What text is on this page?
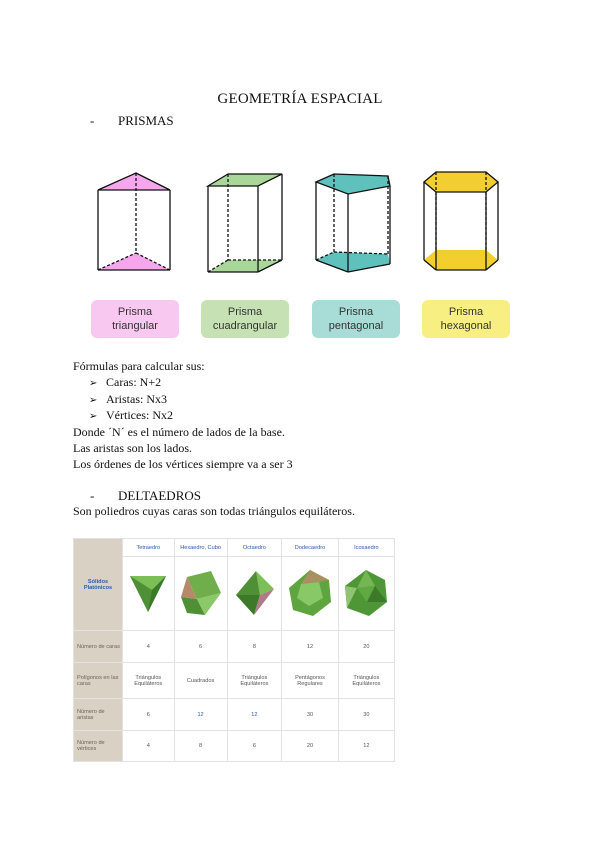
GEOMETRÍA ESPACIAL
- PRISMAS
Prisma
triangular
Prisma
cuadrangular
Prisma
pentagonal
Prisma
hexagonal
Fórmulas para calcular sus:
➢ Caras: N+2
➢ Aristas: Nx3
➢ Vértices: Nx2
Donde ´N´ es el número de lados de la base.
Las aristas son los lados.
Los órdenes de los vértices siempre va a ser 3
- DELTAEDROS
Son poliedros cuyas caras son todas triángulos equiláteros.
Sólidos Platónicos	Tetraedro	Hexaedro, Cubo	Octaedro	Dodecaedro	Icosaedro

Número de caras	4	6	8	12	20
Polígonos en las caras	Triángulos Equiláteros	Cuadrados	Triángulos Equiláteros	Pentágonos Regulares	Triángulos Equiláteros
Número de aristas	6	12	12	30	30
Número de vértices	4	8	6	20	12
